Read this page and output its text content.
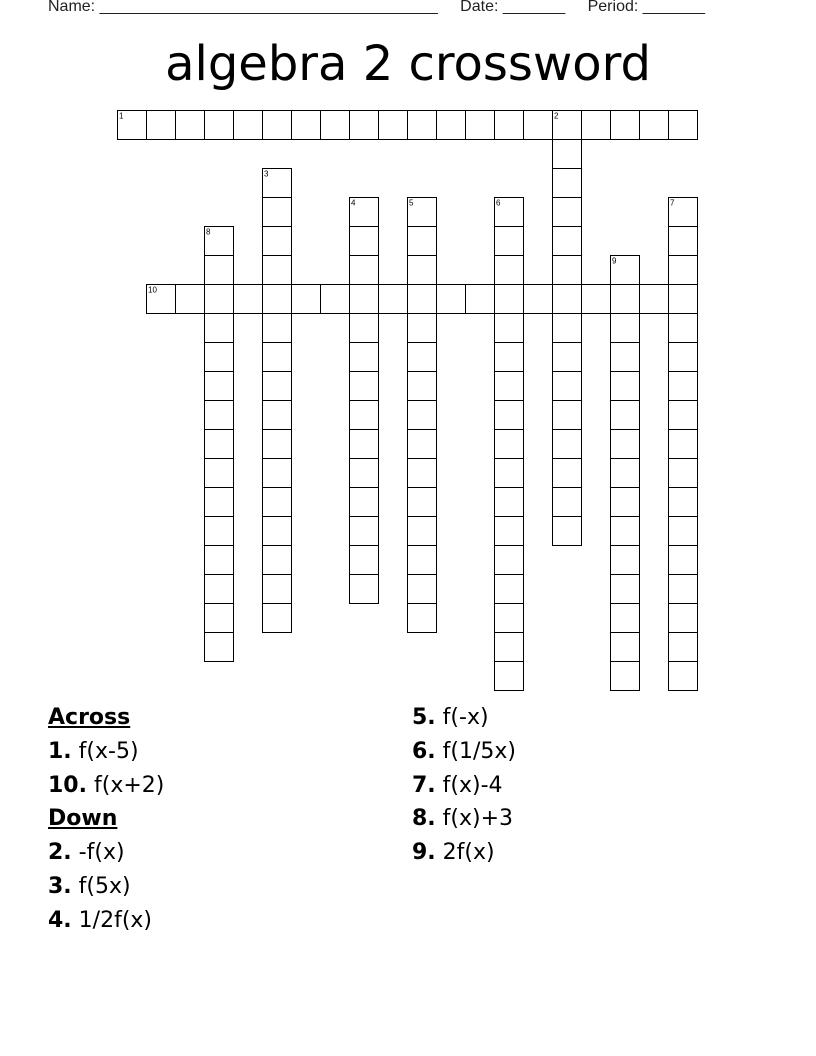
Name: ______________________________________ Date: _______ Period: _______
algebra 2 crossword
1
10
2
3
4	5	6	7
8
9
Across
1. f(x-5)
10. f(x+2)
Down
2. -f(x)
3. f(5x)
4. 1/2f(x)
5. f(-x)
6. f(1/5x)
7. f(x)-4
8. f(x)+3
9. 2f(x)
